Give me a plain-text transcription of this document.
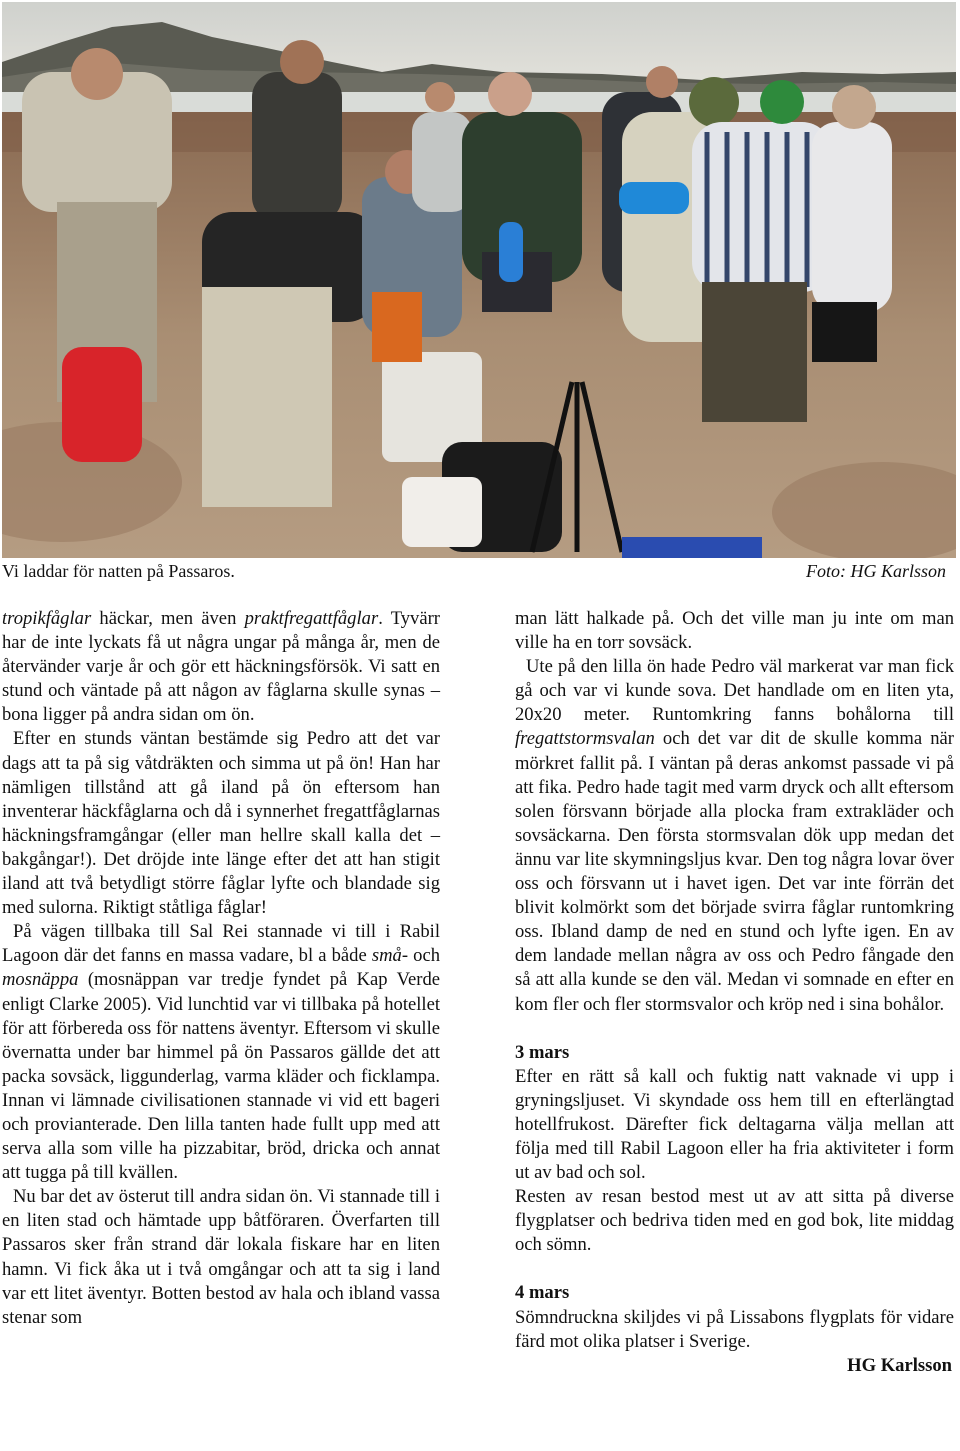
Vi laddar för natten på Passaros.	Foto: HG Karlsson

tropikfåglar häckar, men även praktfregattfåglar. Tyvärr har de inte lyckats få ut några ungar på många år, men de återvänder varje år och gör ett häckningsförsök. Vi satt en stund och väntade på att någon av fåglarna skulle synas – bona ligger på andra sidan om ön.

Efter en stunds väntan bestämde sig Pedro att det var dags att ta på sig våtdräkten och simma ut på ön! Han har nämligen tillstånd att gå iland på ön eftersom han inventerar häckfåglarna och då i synnerhet fregattfåglarnas häckningsframgångar (eller man hellre skall kalla det –bakgångar!). Det dröjde inte länge efter det att han stigit iland att två betydligt större fåglar lyfte och blandade sig med sulorna. Riktigt ståtliga fåglar!

På vägen tillbaka till Sal Rei stannade vi till i Rabil Lagoon där det fanns en massa vadare, bl a både små- och mosnäppa (mosnäppan var tredje fyndet på Kap Verde enligt Clarke 2005). Vid lunchtid var vi tillbaka på hotellet för att förbereda oss för nattens äventyr. Eftersom vi skulle övernatta under bar himmel på ön Passaros gällde det att packa sovsäck, liggunderlag, varma kläder och ficklampa. Innan vi lämnade civilisationen stannade vi vid ett bageri och provianterade. Den lilla tanten hade fullt upp med att serva alla som ville ha pizzabitar, bröd, dricka och annat att tugga på till kvällen.

Nu bar det av österut till andra sidan ön. Vi stannade till i en liten stad och hämtade upp båtföraren. Överfarten till Passaros sker från strand där lokala fiskare har en liten hamn. Vi fick åka ut i två omgångar och att ta sig i land var ett litet äventyr. Botten bestod av hala och ibland vassa stenar som

man lätt halkade på. Och det ville man ju inte om man ville ha en torr sovsäck.

Ute på den lilla ön hade Pedro väl markerat var man fick gå och var vi kunde sova. Det handlade om en liten yta, 20x20 meter. Runtomkring fanns bohålorna till fregattstormsvalan och det var dit de skulle komma när mörkret fallit på. I väntan på deras ankomst passade vi på att fika. Pedro hade tagit med varm dryck och allt eftersom solen försvann började alla plocka fram extrakläder och sovsäckarna. Den första stormsvalan dök upp medan det ännu var lite skymningsljus kvar. Den tog några lovar över oss och försvann ut i havet igen. Det var inte förrän det blivit kolmörkt som det började svirra fåglar runtomkring oss. Ibland damp de ned en stund och lyfte igen. En av dem landade mellan några av oss och Pedro fångade den så att alla kunde se den väl. Medan vi somnade en efter en kom fler och fler stormsvalor och kröp ned i sina bohålor.

3 mars

Efter en rätt så kall och fuktig natt vaknade vi upp i gryningsljuset. Vi skyndade oss hem till en efterlängtad hotellfrukost. Därefter fick deltagarna välja mellan att följa med till Rabil Lagoon eller ha fria aktiviteter i form ut av bad och sol.

Resten av resan bestod mest ut av att sitta på diverse flygplatser och bedriva tiden med en god bok, lite middag och sömn.

4 mars

Sömndruckna skiljdes vi på Lissabons flygplats för vidare färd mot olika platser i Sverige.

HG Karlsson
